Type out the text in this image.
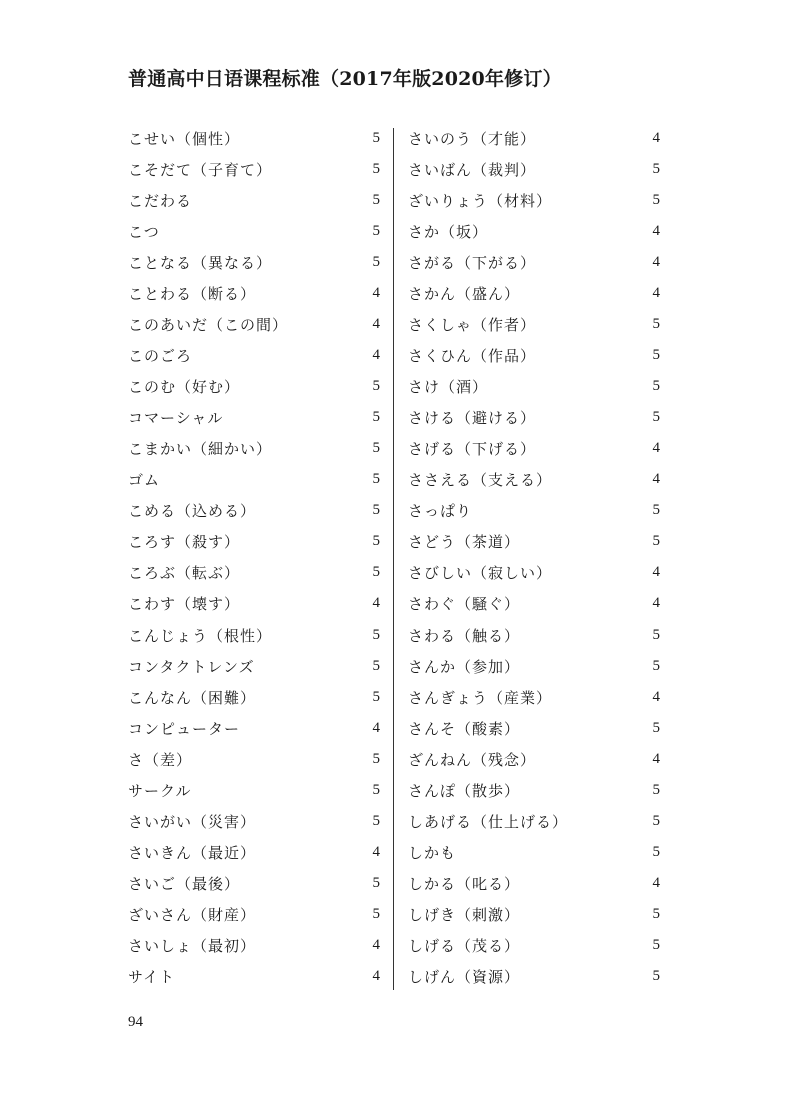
普通高中日语课程标准（2017年版2020年修订）
こせい（個性）	5
こそだて（子育て）	5
こだわる	5
こつ	5
ことなる（異なる）	5
ことわる（断る）	4
このあいだ（この間）	4
このごろ	4
このむ（好む）	5
コマーシャル	5
こまかい（細かい）	5
ゴム	5
こめる（込める）	5
ころす（殺す）	5
ころぶ（転ぶ）	5
こわす（壊す）	4
こんじょう（根性）	5
コンタクトレンズ	5
こんなん（困難）	5
コンピューター	4
さ（差）	5
サークル	5
さいがい（災害）	5
さいきん（最近）	4
さいご（最後）	5
ざいさん（財産）	5
さいしょ（最初）	4
サイト	4
さいのう（才能）	4
さいばん（裁判）	5
ざいりょう（材料）	5
さか（坂）	4
さがる（下がる）	4
さかん（盛ん）	4
さくしゃ（作者）	5
さくひん（作品）	5
さけ（酒）	5
さける（避ける）	5
さげる（下げる）	4
ささえる（支える）	4
さっぱり	5
さどう（茶道）	5
さびしい（寂しい）	4
さわぐ（騒ぐ）	4
さわる（触る）	5
さんか（参加）	5
さんぎょう（産業）	4
さんそ（酸素）	5
ざんねん（残念）	4
さんぽ（散歩）	5
しあげる（仕上げる）	5
しかも	5
しかる（叱る）	4
しげき（刺激）	5
しげる（茂る）	5
しげん（資源）	5
94
